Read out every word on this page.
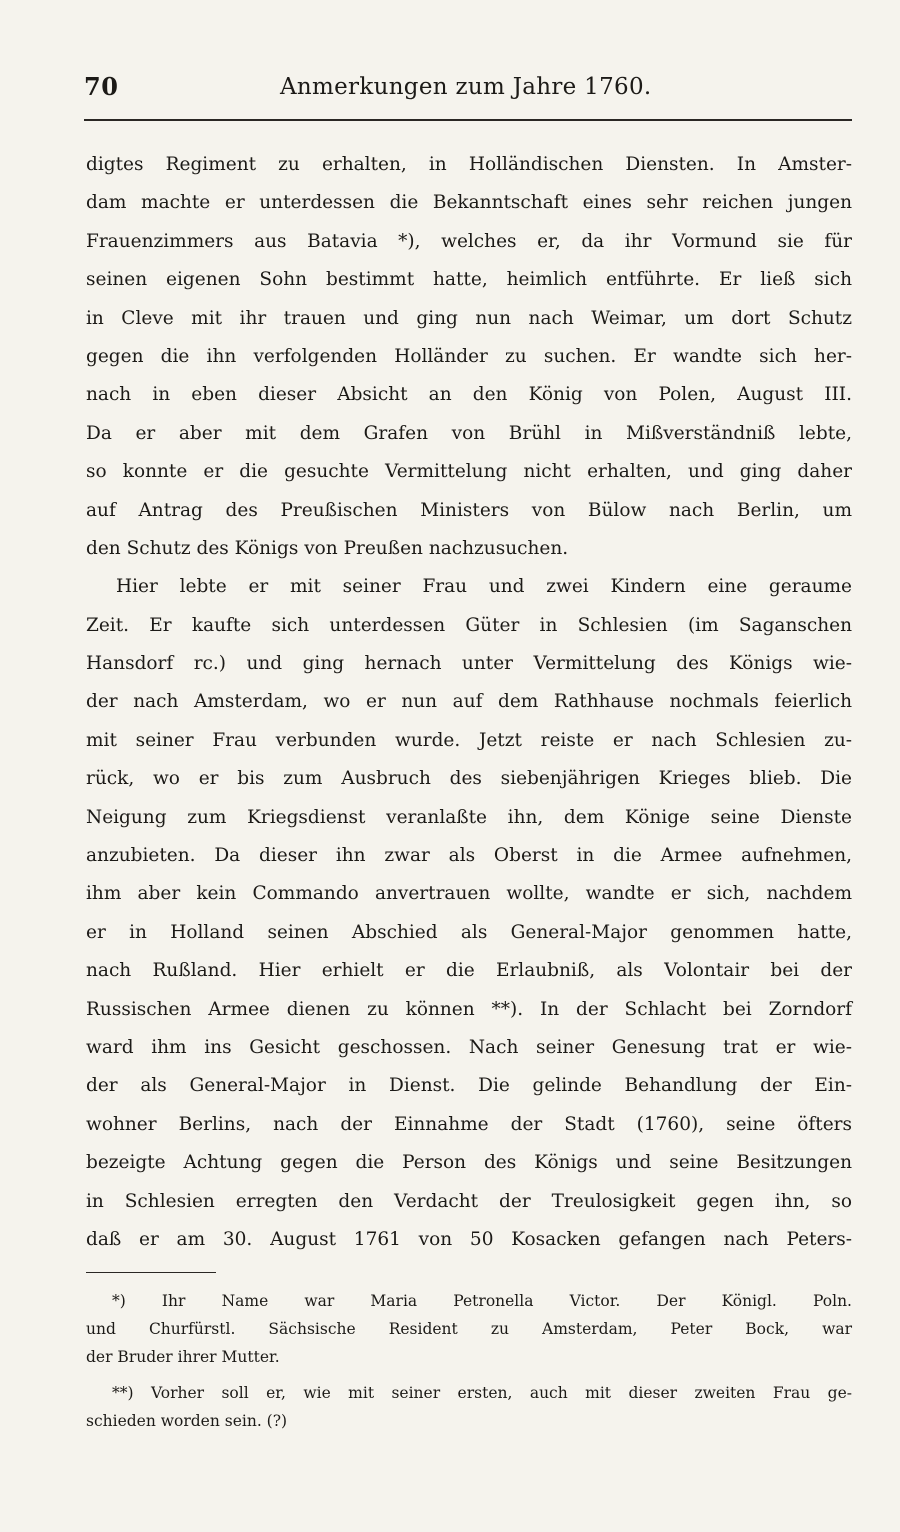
70	Anmerkungen zum Jahre 1760.
digtes Regiment zu erhalten, in Holländischen Diensten. In Amster-
dam machte er unterdessen die Bekanntschaft eines sehr reichen jungen
Frauenzimmers aus Batavia *), welches er, da ihr Vormund sie für
seinen eigenen Sohn bestimmt hatte, heimlich entführte. Er ließ sich
in Cleve mit ihr trauen und ging nun nach Weimar, um dort Schutz
gegen die ihn verfolgenden Holländer zu suchen. Er wandte sich her-
nach in eben dieser Absicht an den König von Polen, August III.
Da er aber mit dem Grafen von Brühl in Mißverständniß lebte,
so konnte er die gesuchte Vermittelung nicht erhalten, und ging daher
auf Antrag des Preußischen Ministers von Bülow nach Berlin, um
den Schutz des Königs von Preußen nachzusuchen.
Hier lebte er mit seiner Frau und zwei Kindern eine geraume
Zeit. Er kaufte sich unterdessen Güter in Schlesien (im Saganschen
Hansdorf rc.) und ging hernach unter Vermittelung des Königs wie-
der nach Amsterdam, wo er nun auf dem Rathhause nochmals feierlich
mit seiner Frau verbunden wurde. Jetzt reiste er nach Schlesien zu-
rück, wo er bis zum Ausbruch des siebenjährigen Krieges blieb. Die
Neigung zum Kriegsdienst veranlaßte ihn, dem Könige seine Dienste
anzubieten. Da dieser ihn zwar als Oberst in die Armee aufnehmen,
ihm aber kein Commando anvertrauen wollte, wandte er sich, nachdem
er in Holland seinen Abschied als General-Major genommen hatte,
nach Rußland. Hier erhielt er die Erlaubniß, als Volontair bei der
Russischen Armee dienen zu können **). In der Schlacht bei Zorndorf
ward ihm ins Gesicht geschossen. Nach seiner Genesung trat er wie-
der als General-Major in Dienst. Die gelinde Behandlung der Ein-
wohner Berlins, nach der Einnahme der Stadt (1760), seine öfters
bezeigte Achtung gegen die Person des Königs und seine Besitzungen
in Schlesien erregten den Verdacht der Treulosigkeit gegen ihn, so
daß er am 30. August 1761 von 50 Kosacken gefangen nach Peters-
*) Ihr Name war Maria Petronella Victor. Der Königl. Poln.
und Churfürstl. Sächsische Resident zu Amsterdam, Peter Bock, war
der Bruder ihrer Mutter.
**) Vorher soll er, wie mit seiner ersten, auch mit dieser zweiten Frau ge-
schieden worden sein. (?)
